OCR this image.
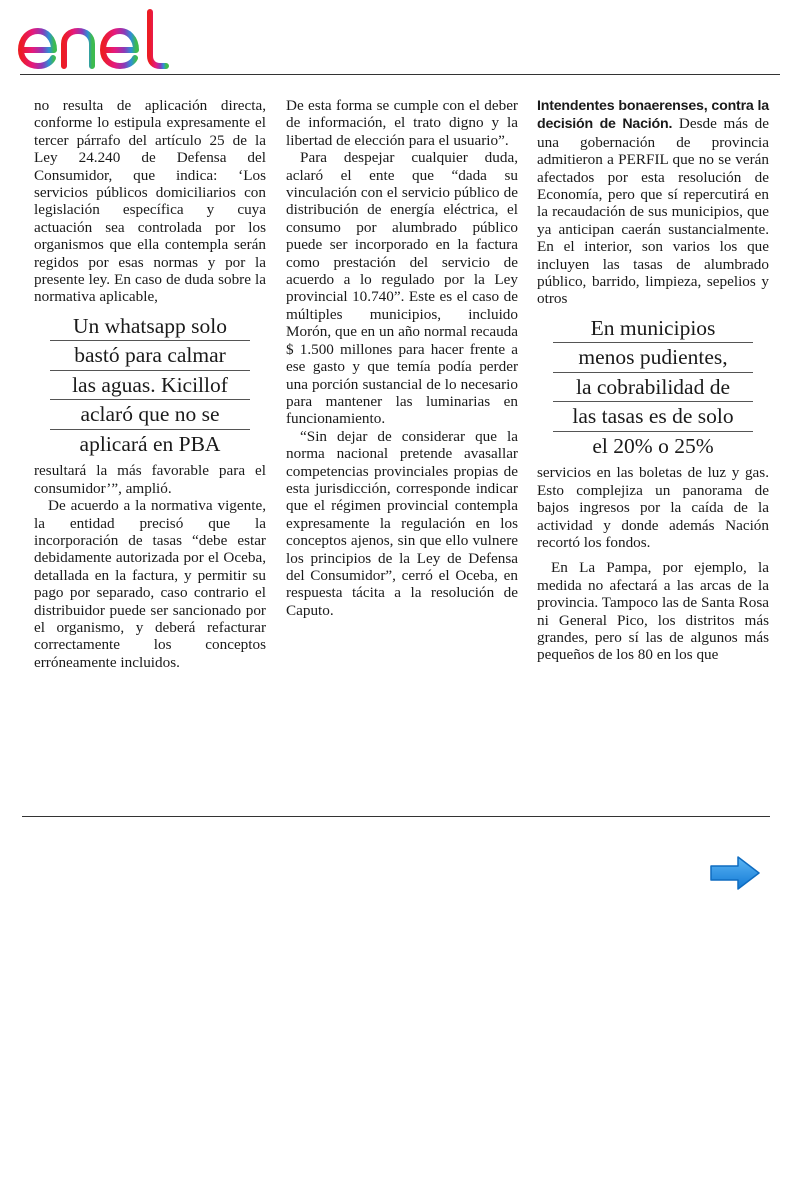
no resulta de aplicación directa, conforme lo estipula expresamente el tercer párrafo del artículo 25 de la Ley 24.240 de Defensa del Consumidor, que indica: ‘Los servicios públicos domiciliarios con legislación específica y cuya actuación sea controlada por los organismos que ella contempla serán regidos por esas normas y por la presente ley. En caso de duda sobre la normativa aplicable,

Un whatsapp solo
bastó para calmar
las aguas. Kicillof
aclaró que no se
aplicará en PBA

resultará la más favorable para el consumidor’”, amplió.

De acuerdo a la normativa vigente, la entidad precisó que la incorporación de tasas “debe estar debidamente autorizada por el Oceba, detallada en la factura, y permitir su pago por separado, caso contrario el distribuidor puede ser sancionado por el organismo, y deberá refacturar correctamente los conceptos erróneamente incluidos.

De esta forma se cumple con el deber de información, el trato digno y la libertad de elección para el usuario”.

Para despejar cualquier duda, aclaró el ente que “dada su vinculación con el servicio público de distribución de energía eléctrica, el consumo por alumbrado público puede ser incorporado en la factura como prestación del servicio de acuerdo a lo regulado por la Ley provincial 10.740”. Este es el caso de múltiples municipios, incluido Morón, que en un año normal recauda $ 1.500 millones para hacer frente a ese gasto y que temía podía perder una porción sustancial de lo necesario para mantener las luminarias en funcionamiento.

“Sin dejar de considerar que la norma nacional pretende avasallar competencias provinciales propias de esta jurisdicción, corresponde indicar que el régimen provincial contempla expresamente la regulación en los conceptos ajenos, sin que ello vulnere los principios de la Ley de Defensa del Consumidor”, cerró el Oceba, en respuesta tácita a la resolución de Caputo.

Intendentes bonaerenses, contra la decisión de Nación. Desde más de una gobernación de provincia admitieron a PERFIL que no se verán afectados por esta resolución de Economía, pero que sí repercutirá en la recaudación de sus municipios, que ya anticipan caerán sustancialmente. En el interior, son varios los que incluyen las tasas de alumbrado público, barrido, limpieza, sepelios y otros

En municipios
menos pudientes,
la cobrabilidad de
las tasas es de solo
el 20% o 25%

servicios en las boletas de luz y gas. Esto complejiza un panorama de bajos ingresos por la caída de la actividad y donde además Nación recortó los fondos.

En La Pampa, por ejemplo, la medida no afectará a las arcas de la provincia. Tampoco las de Santa Rosa ni General Pico, los distritos más grandes, pero sí las de algunos más pequeños de los 80 en los que
